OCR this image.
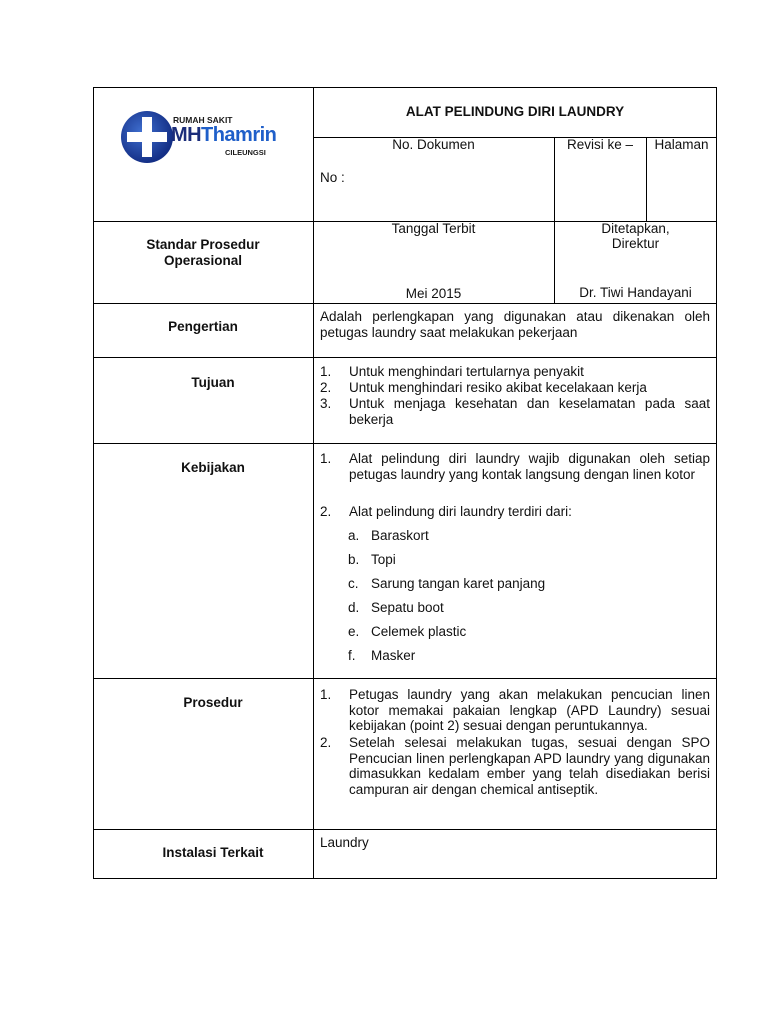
RUMAH SAKIT
MH Thamrin
CILEUNGSI
ALAT PELINDUNG DIRI LAUNDRY
No. Dokumen
No :
Revisi ke –	Halaman
Standar Prosedur
Operasional
Tanggal Terbit
Mei 2015
Ditetapkan,
Direktur
Dr. Tiwi Handayani
Pengertian
Adalah perlengkapan yang digunakan atau dikenakan oleh petugas laundry saat melakukan pekerjaan
Tujuan
1. Untuk menghindari tertularnya penyakit
2. Untuk menghindari resiko akibat kecelakaan kerja
3. Untuk menjaga kesehatan dan keselamatan pada saat bekerja
Kebijakan
1. Alat pelindung diri laundry wajib digunakan oleh setiap petugas laundry yang kontak langsung dengan linen kotor
2. Alat pelindung diri laundry terdiri dari:
a. Baraskort
b. Topi
c. Sarung tangan karet panjang
d. Sepatu boot
e. Celemek plastic
f. Masker
Prosedur
1. Petugas laundry yang akan melakukan pencucian linen kotor memakai pakaian lengkap (APD Laundry) sesuai kebijakan (point 2) sesuai dengan peruntukannya.
2. Setelah selesai melakukan tugas, sesuai dengan SPO Pencucian linen perlengkapan APD laundry yang digunakan dimasukkan kedalam ember yang telah disediakan berisi campuran air dengan chemical antiseptik.
Instalasi Terkait
Laundry
